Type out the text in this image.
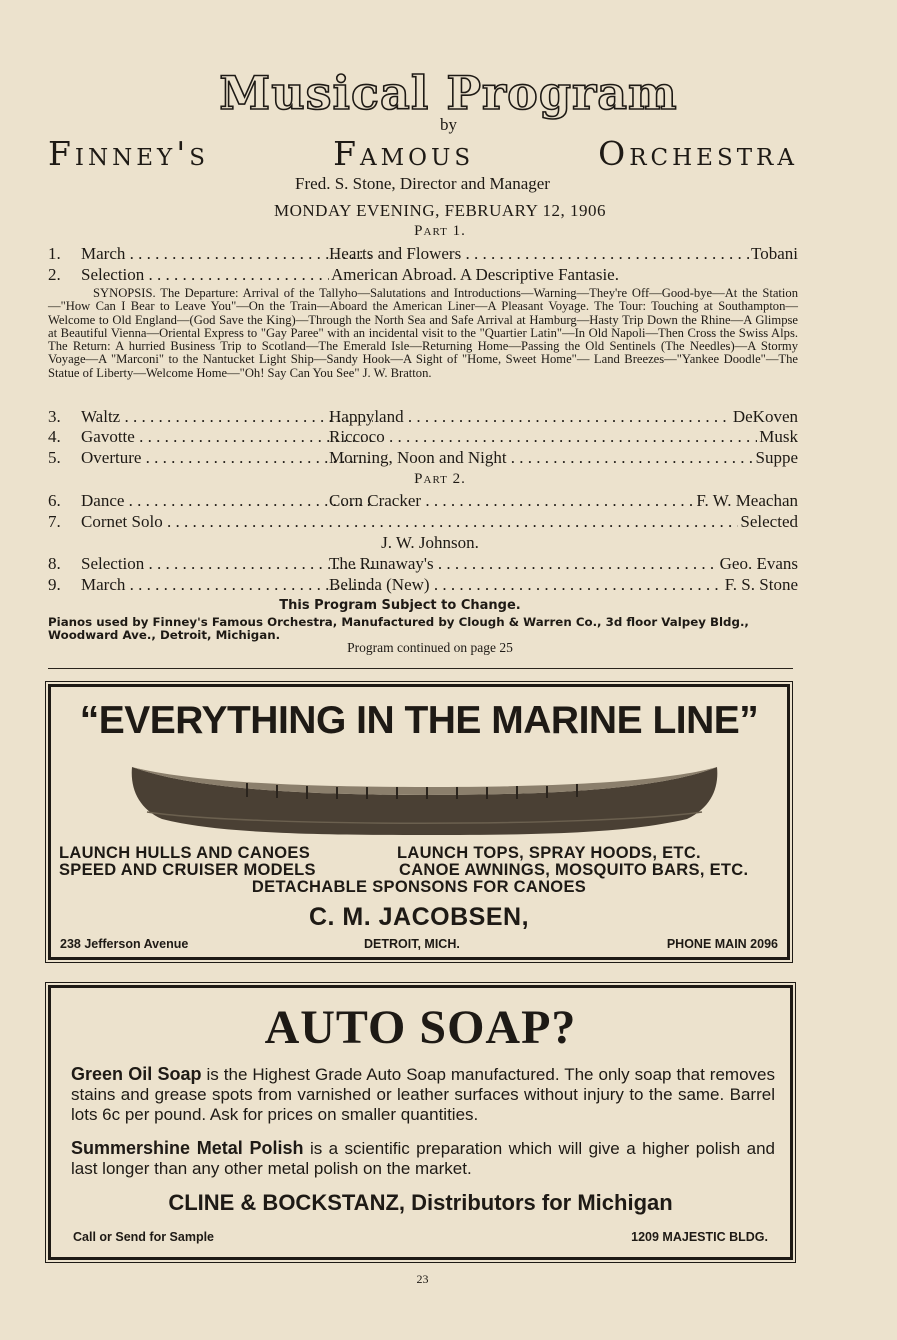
Musical Program
by
Finney's	Famous	Orchestra
Fred. S. Stone, Director and Manager
MONDAY EVENING, FEBRUARY 12, 1906
Part 1.
1. March . . .	Hearts and Flowers . . .	Tobani
2. Selection . . .	American Abroad. A Descriptive Fantasie.
SYNOPSIS. The Departure: Arrival of the Tallyho—Salutations and Introductions—Warning—They're Off—Good-bye—At the Station—"How Can I Bear to Leave You"—On the Train—Aboard the American Liner—A Pleasant Voyage. The Tour: Touching at Southampton—Welcome to Old England—(God Save the King)—Through the North Sea and Safe Arrival at Hamburg—Hasty Trip Down the Rhine—A Glimpse at Beautiful Vienna—Oriental Express to "Gay Paree" with an incidental visit to the "Quartier Latin"—In Old Napoli—Then Cross the Swiss Alps. The Return: A hurried Business Trip to Scotland—The Emerald Isle—Returning Home—Passing the Old Sentinels (The Needles)—A Stormy Voyage—A "Marconi" to the Nantucket Light Ship—Sandy Hook—A Sight of "Home, Sweet Home"— Land Breezes—"Yankee Doodle"—The Statue of Liberty—Welcome Home—"Oh! Say Can You See" J. W. Bratton.
3. Waltz . . .	Happyland . . .	DeKoven
4. Gavotte . . .	Riccoco . . .	Musk
5. Overture . . .	Morning, Noon and Night . . .	Suppe
Part 2.
6. Dance . . .	Corn Cracker . . .	F. W. Meachan
7. Cornet Solo . . .	Selected
J. W. Johnson.
8. Selection . . .	The Runaway's . . .	Geo. Evans
9. March . . .	Belinda (New) . . .	F. S. Stone
This Program Subject to Change.
Pianos used by Finney's Famous Orchestra, Manufactured by Clough & Warren Co., 3d floor Valpey Bldg., Woodward Ave., Detroit, Michigan.
Program continued on page 25
“EVERYTHING IN THE MARINE LINE”
LAUNCH HULLS AND CANOES
SPEED AND CRUISER MODELS
LAUNCH TOPS, SPRAY HOODS, ETC.
CANOE AWNINGS, MOSQUITO BARS, ETC.
DETACHABLE SPONSONS FOR CANOES
C. M. JACOBSEN,
238 Jefferson Avenue	DETROIT, MICH.	PHONE MAIN 2096
AUTO SOAP?
Green Oil Soap is the Highest Grade Auto Soap manufactured. The only soap that removes stains and grease spots from varnished or leather surfaces without injury to the same. Barrel lots 6c per pound. Ask for prices on smaller quantities.
Summershine Metal Polish is a scientific preparation which will give a higher polish and last longer than any other metal polish on the market.
CLINE & BOCKSTANZ, Distributors for Michigan
Call or Send for Sample	1209 MAJESTIC BLDG.
23
